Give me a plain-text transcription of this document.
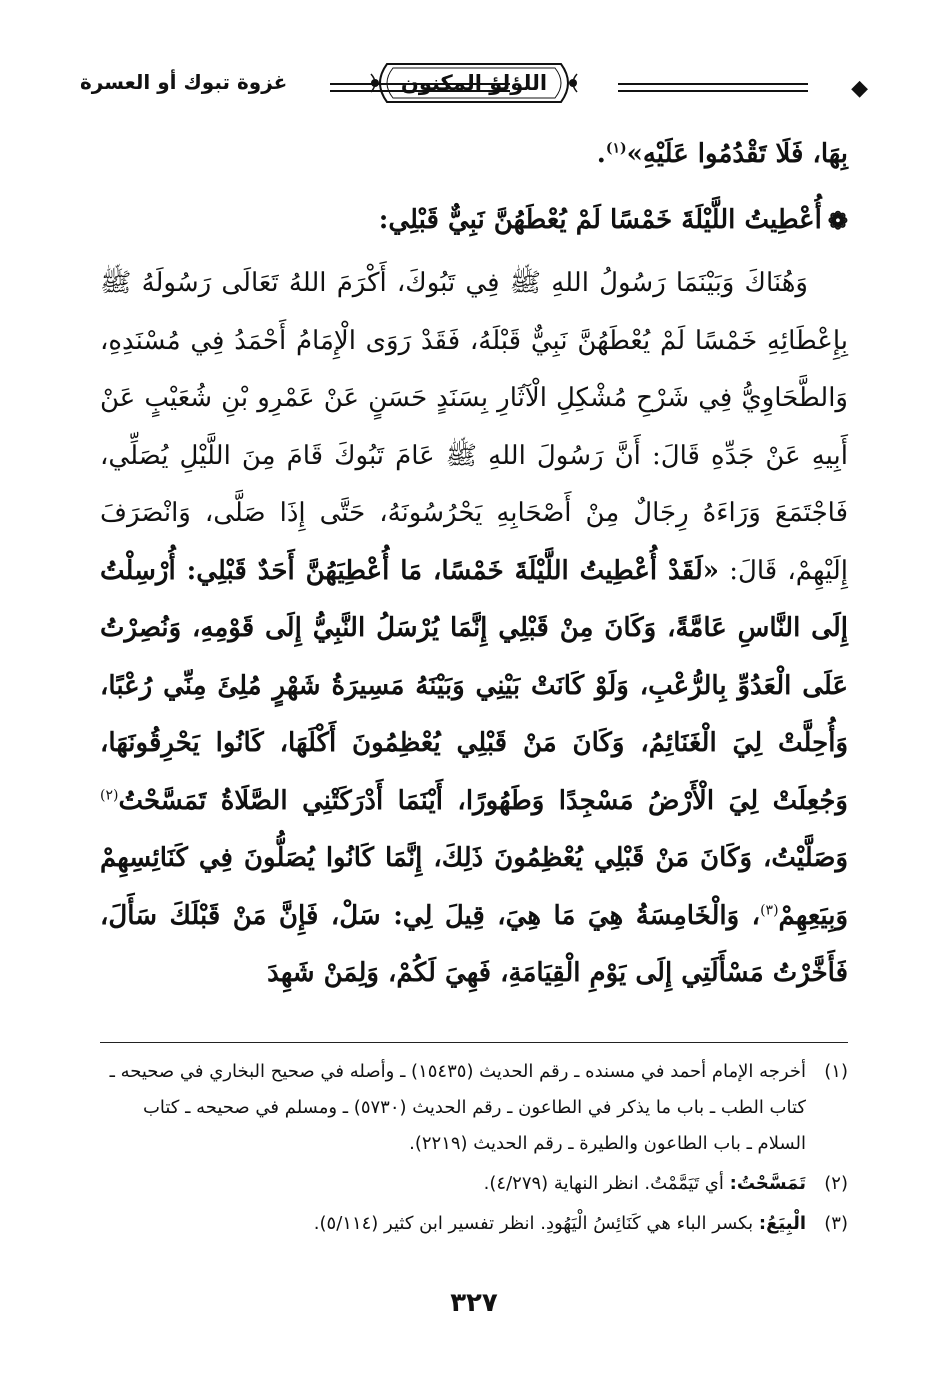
◆
اللؤلؤ المكنون
غزوة تبوك أو العسرة

بِهَا، فَلَا تَقْدُمُوا عَلَيْهِ»$^{(١)}$.

❁أُعْطِيتُ اللَّيْلَةَ خَمْسًا لَمْ يُعْطَهُنَّ نَبِيٌّ قَبْلِي:

وَهُنَاكَ وَبَيْنَمَا رَسُولُ اللهِ ﷺ فِي تَبُوكَ، أَكْرَمَ اللهُ تَعَالَى رَسُولَهُ ﷺ بِإِعْطَائِهِ خَمْسًا لَمْ يُعْطَهُنَّ نَبِيٌّ قَبْلَهُ، فَقَدْ رَوَى الْإِمَامُ أَحْمَدُ فِي مُسْنَدِهِ، وَالطَّحَاوِيُّ فِي شَرْحِ مُشْكِلِ الْآثَارِ بِسَنَدٍ حَسَنٍ عَنْ عَمْرِو بْنِ شُعَيْبٍ عَنْ أَبِيهِ عَنْ جَدِّهِ قَالَ: أَنَّ رَسُولَ اللهِ ﷺ عَامَ تَبُوكَ قَامَ مِنَ اللَّيْلِ يُصَلِّي، فَاجْتَمَعَ وَرَاءَهُ رِجَالٌ مِنْ أَصْحَابِهِ يَحْرُسُونَهُ، حَتَّى إِذَا صَلَّى، وَانْصَرَفَ إِلَيْهِمْ، قَالَ: «لَقَدْ أُعْطِيتُ اللَّيْلَةَ خَمْسًا، مَا أُعْطِيَهُنَّ أَحَدٌ قَبْلِي: أُرْسِلْتُ إِلَى النَّاسِ عَامَّةً، وَكَانَ مِنْ قَبْلِي إِنَّمَا يُرْسَلُ النَّبِيُّ إِلَى قَوْمِهِ، وَنُصِرْتُ عَلَى الْعَدُوِّ بِالرُّعْبِ، وَلَوْ كَانَتْ بَيْنِي وَبَيْنَهُ مَسِيرَةُ شَهْرٍ مُلِئَ مِنِّي رُعْبًا، وَأُحِلَّتْ لِيَ الْغَنَائِمُ، وَكَانَ مَنْ قَبْلِي يُعْظِمُونَ أَكْلَهَا، كَانُوا يَحْرِقُونَهَا، وَجُعِلَتْ لِيَ الْأَرْضُ مَسْجِدًا وَطَهُورًا، أَيْنَمَا أَدْرَكَتْنِي الصَّلَاةُ تَمَسَّحْتُ$^{(٢)}$ وَصَلَّيْتُ، وَكَانَ مَنْ قَبْلِي يُعْظِمُونَ ذَلِكَ، إِنَّمَا كَانُوا يُصَلُّونَ فِي كَنَائِسِهِمْ وَبِيَعِهِمْ$^{(٣)}$، وَالْخَامِسَةُ هِيَ مَا هِيَ، قِيلَ لِي: سَلْ، فَإِنَّ مَنْ قَبْلَكَ سَأَلَ، فَأَخَّرْتُ مَسْأَلَتِي إِلَى يَوْمِ الْقِيَامَةِ، فَهِيَ لَكُمْ، وَلِمَنْ شَهِدَ

(١)
أخرجه الإمام أحمد في مسنده ـ رقم الحديث (١٥٤٣٥) ـ وأصله في صحيح البخاري في صحيحه ـ كتاب الطب ـ باب ما يذكر في الطاعون ـ رقم الحديث (٥٧٣٠) ـ ومسلم في صحيحه ـ كتاب السلام ـ باب الطاعون والطيرة ـ رقم الحديث (٢٢١٩).
(٢)
تَمَسَّحْتُ: أي تَيَمَّمْتُ. انظر النهاية (٤/٢٧٩).
(٣)
الْبِيَعُ: بكسر الباء هي كَنَائِسُ الْيَهُودِ. انظر تفسير ابن كثير (٥/١١٤).
٣٢٧
